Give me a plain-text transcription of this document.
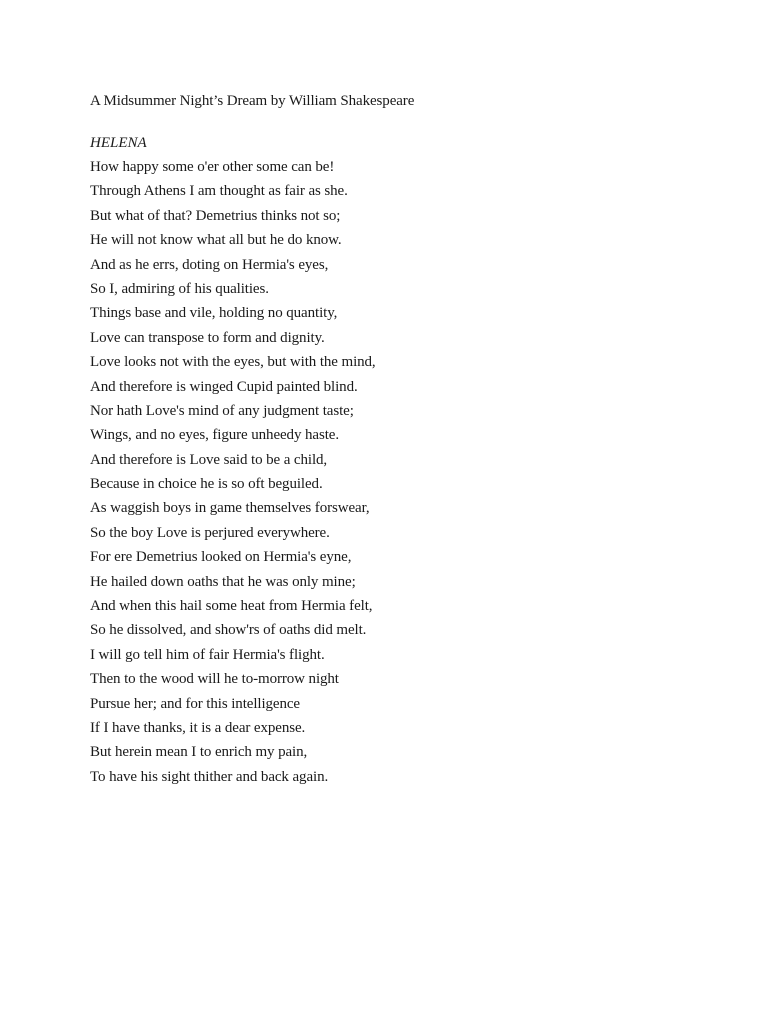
A Midsummer Night’s Dream by William Shakespeare
HELENA
How happy some o'er other some can be!
Through Athens I am thought as fair as she.
But what of that? Demetrius thinks not so;
He will not know what all but he do know.
And as he errs, doting on Hermia's eyes,
So I, admiring of his qualities.
Things base and vile, holding no quantity,
Love can transpose to form and dignity.
Love looks not with the eyes, but with the mind,
And therefore is winged Cupid painted blind.
Nor hath Love's mind of any judgment taste;
Wings, and no eyes, figure unheedy haste.
And therefore is Love said to be a child,
Because in choice he is so oft beguiled.
As waggish boys in game themselves forswear,
So the boy Love is perjured everywhere.
For ere Demetrius looked on Hermia's eyne,
He hailed down oaths that he was only mine;
And when this hail some heat from Hermia felt,
So he dissolved, and show'rs of oaths did melt.
I will go tell him of fair Hermia's flight.
Then to the wood will he to-morrow night
Pursue her; and for this intelligence
If I have thanks, it is a dear expense.
But herein mean I to enrich my pain,
To have his sight thither and back again.
